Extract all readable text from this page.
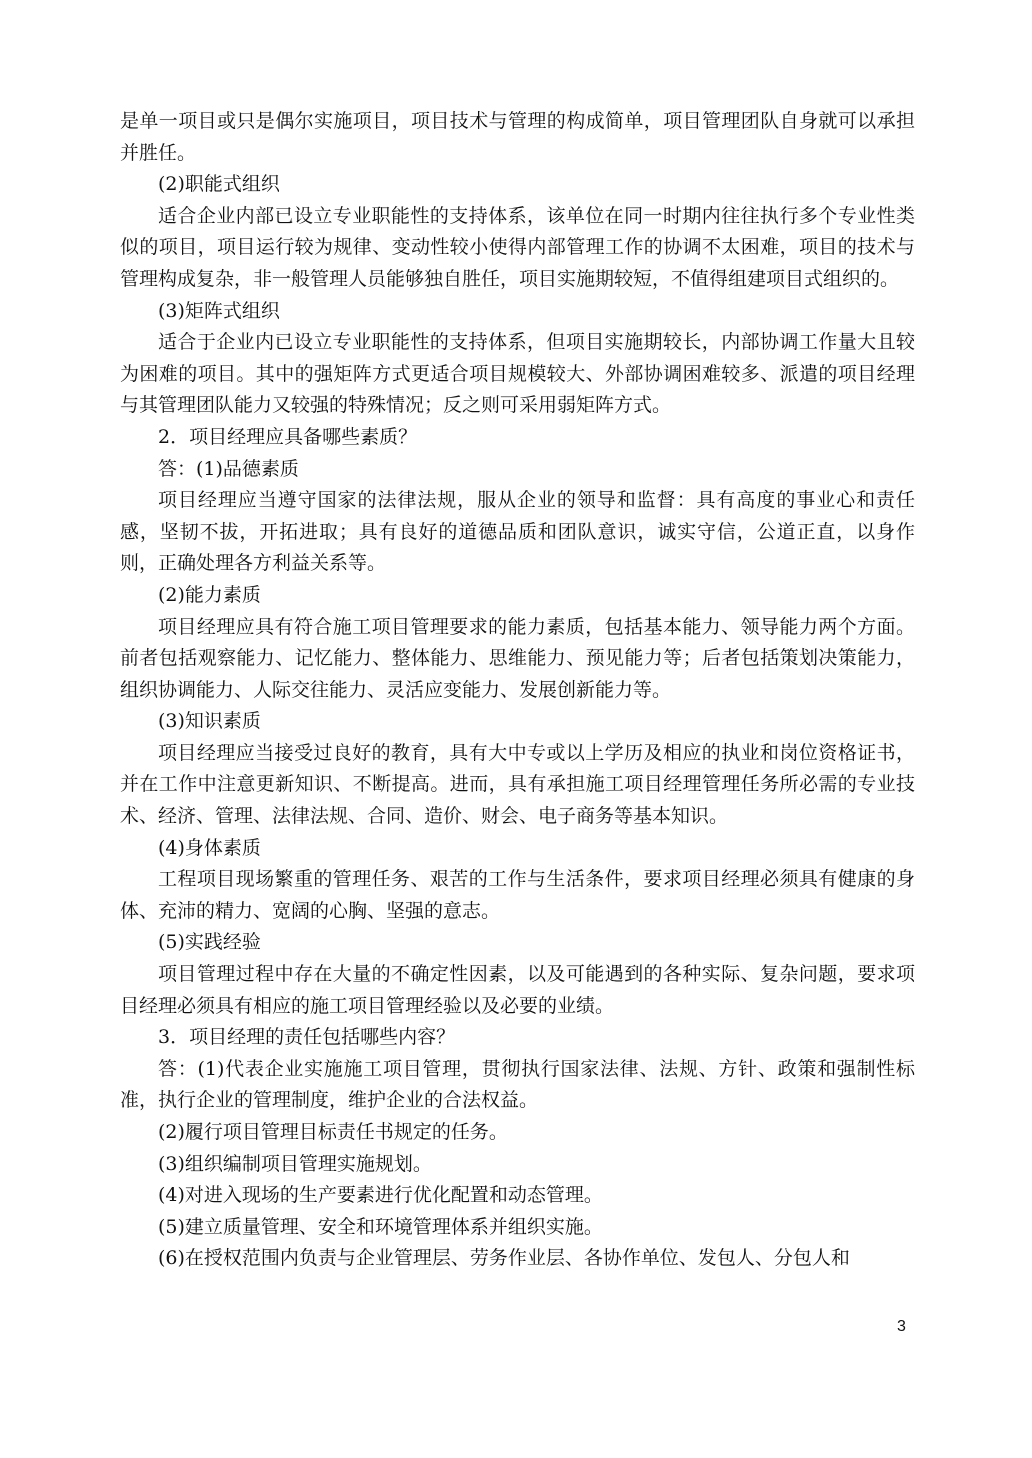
是单一项目或只是偶尔实施项目，项目技术与管理的构成简单，项目管理团队自身就可以承担并胜任。

(2)职能式组织

适合企业内部已设立专业职能性的支持体系，该单位在同一时期内往往执行多个专业性类似的项目，项目运行较为规律、变动性较小使得内部管理工作的协调不太困难，项目的技术与管理构成复杂，非一般管理人员能够独自胜任，项目实施期较短，不值得组建项目式组织的。

(3)矩阵式组织

适合于企业内已设立专业职能性的支持体系，但项目实施期较长，内部协调工作量大且较为困难的项目。其中的强矩阵方式更适合项目规模较大、外部协调困难较多、派遣的项目经理与其管理团队能力又较强的特殊情况；反之则可采用弱矩阵方式。

2．项目经理应具备哪些素质？

答：(1)品德素质

项目经理应当遵守国家的法律法规，服从企业的领导和监督：具有高度的事业心和责任感，坚韧不拔，开拓进取；具有良好的道德品质和团队意识，诚实守信，公道正直，以身作则，正确处理各方利益关系等。

(2)能力素质

项目经理应具有符合施工项目管理要求的能力素质，包括基本能力、领导能力两个方面。前者包括观察能力、记忆能力、整体能力、思维能力、预见能力等；后者包括策划决策能力，组织协调能力、人际交往能力、灵活应变能力、发展创新能力等。

(3)知识素质

项目经理应当接受过良好的教育，具有大中专或以上学历及相应的执业和岗位资格证书，并在工作中注意更新知识、不断提高。进而，具有承担施工项目经理管理任务所必需的专业技术、经济、管理、法律法规、合同、造价、财会、电子商务等基本知识。

(4)身体素质

工程项目现场繁重的管理任务、艰苦的工作与生活条件，要求项目经理必须具有健康的身体、充沛的精力、宽阔的心胸、坚强的意志。

(5)实践经验

项目管理过程中存在大量的不确定性因素，以及可能遇到的各种实际、复杂问题，要求项目经理必须具有相应的施工项目管理经验以及必要的业绩。

3．项目经理的责任包括哪些内容？

答：(1)代表企业实施施工项目管理，贯彻执行国家法律、法规、方针、政策和强制性标准，执行企业的管理制度，维护企业的合法权益。

(2)履行项目管理目标责任书规定的任务。

(3)组织编制项目管理实施规划。

(4)对进入现场的生产要素进行优化配置和动态管理。

(5)建立质量管理、安全和环境管理体系并组织实施。

(6)在授权范围内负责与企业管理层、劳务作业层、各协作单位、发包人、分包人和

3
